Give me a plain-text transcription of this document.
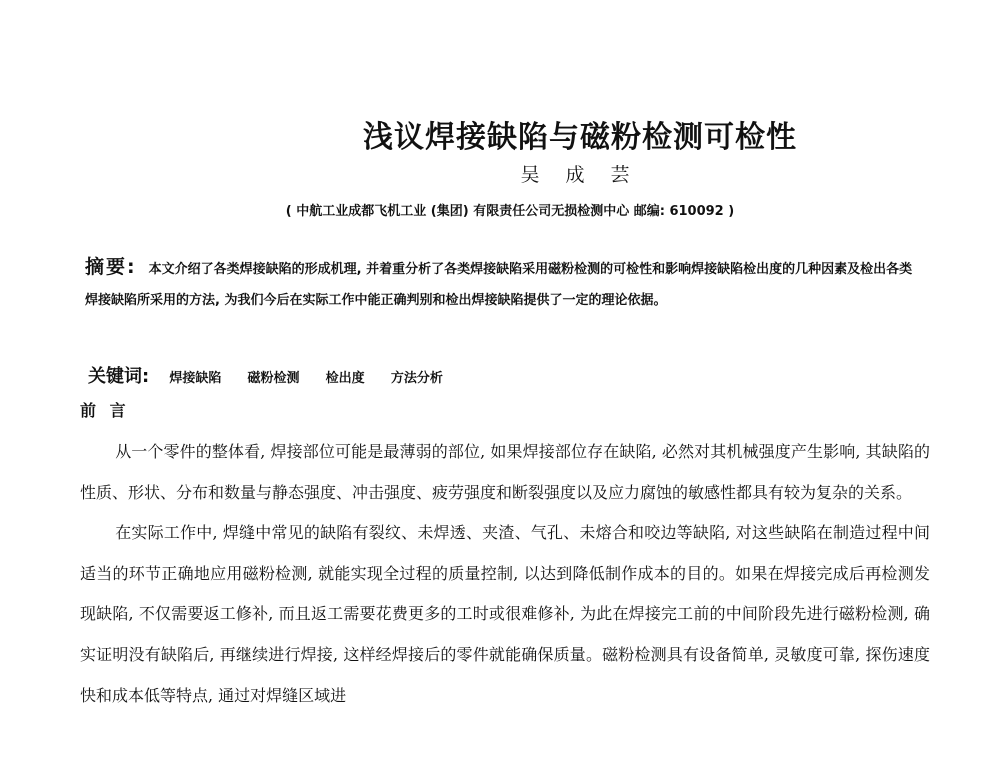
浅议焊接缺陷与磁粉检测可检性
吴 成 芸
( 中航工业成都飞机工业 (集团) 有限责任公司无损检测中心 邮编: 610092 )
摘要: 本文介绍了各类焊接缺陷的形成机理, 并着重分析了各类焊接缺陷采用磁粉检测的可检性和影响焊接缺陷检出度的几种因素及检出各类焊接缺陷所采用的方法, 为我们今后在实际工作中能正确判别和检出焊接缺陷提供了一定的理论依据。
关键词: 焊接缺陷 磁粉检测 检出度 方法分析
前 言

从一个零件的整体看, 焊接部位可能是最薄弱的部位, 如果焊接部位存在缺陷, 必然对其机械强度产生影响, 其缺陷的性质、形状、分布和数量与静态强度、冲击强度、疲劳强度和断裂强度以及应力腐蚀的敏感性都具有较为复杂的关系。

在实际工作中, 焊缝中常见的缺陷有裂纹、未焊透、夹渣、气孔、未熔合和咬边等缺陷, 对这些缺陷在制造过程中间适当的环节正确地应用磁粉检测, 就能实现全过程的质量控制, 以达到降低制作成本的目的。如果在焊接完成后再检测发现缺陷, 不仅需要返工修补, 而且返工需要花费更多的工时或很难修补, 为此在焊接完工前的中间阶段先进行磁粉检测, 确实证明没有缺陷后, 再继续进行焊接, 这样经焊接后的零件就能确保质量。磁粉检测具有设备简单, 灵敏度可靠, 探伤速度快和成本低等特点, 通过对焊缝区域进
